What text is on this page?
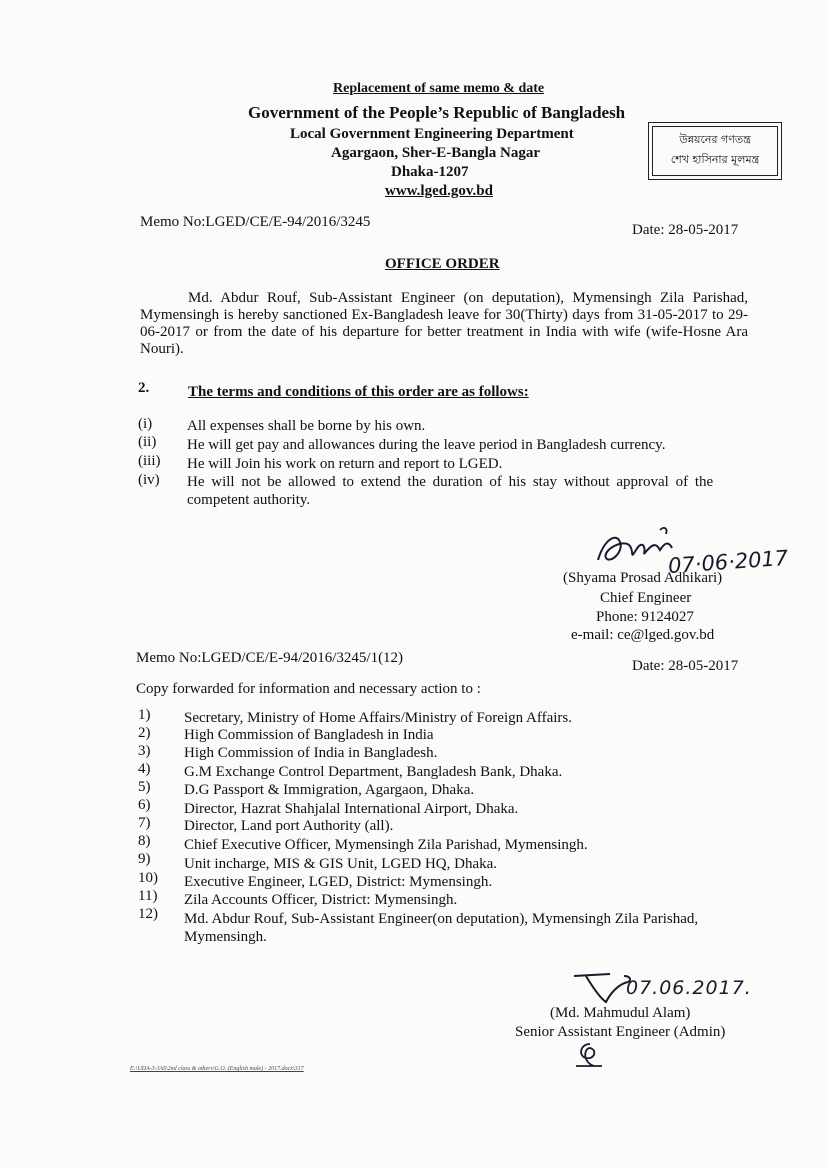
Replacement of same memo & date
Government of the People’s Republic of Bangladesh
Local Government Engineering Department
Agargaon, Sher-E-Bangla Nagar
Dhaka-1207
www.lged.gov.bd
উন্নয়নের গণতন্ত্র
শেখ হাসিনার মূলমন্ত্র
Memo No:LGED/CE/E-94/2016/3245	Date: 28-05-2017
OFFICE ORDER
Md. Abdur Rouf, Sub-Assistant Engineer (on deputation), Mymensingh Zila Parishad, Mymensingh is hereby sanctioned Ex-Bangladesh leave for 30(Thirty) days from 31-05-2017 to 29-06-2017 or from the date of his departure for better treatment in India with wife (wife-Hosne Ara Nouri).
2.	The terms and conditions of this order are as follows:
(i) All expenses shall be borne by his own.
(ii) He will get pay and allowances during the leave period in Bangladesh currency.
(iii) He will Join his work on return and report to LGED.
(iv) He will not be allowed to extend the duration of his stay without approval of the
competent authority.
07·06·2017
(Shyama Prosad Adhikari)
Chief Engineer
Phone: 9124027
e-mail: ce@lged.gov.bd
Memo No:LGED/CE/E-94/2016/3245/1(12)	Date: 28-05-2017
Copy forwarded for information and necessary action to :
1) Secretary, Ministry of Home Affairs/Ministry of Foreign Affairs.
2) High Commission of Bangladesh in India
3) High Commission of India in Bangladesh.
4) G.M Exchange Control Department, Bangladesh Bank, Dhaka.
5) D.G Passport & Immigration, Agargaon, Dhaka.
6) Director, Hazrat Shahjalal International Airport, Dhaka.
7) Director, Land port Authority (all).
8) Chief Executive Officer, Mymensingh Zila Parishad, Mymensingh.
9) Unit incharge, MIS & GIS Unit, LGED HQ, Dhaka.
10) Executive Engineer, LGED, District: Mymensingh.
11) Zila Accounts Officer, District: Mymensingh.
12) Md. Abdur Rouf, Sub-Assistant Engineer(on deputation), Mymensingh Zila Parishad,
Mymensingh.
07.06.2017.
(Md. Mahmudul Alam)
Senior Assistant Engineer (Admin)
E:\UDA-3-JAS\2nd class & others\G.O. (English male) - 2017.docx\317
